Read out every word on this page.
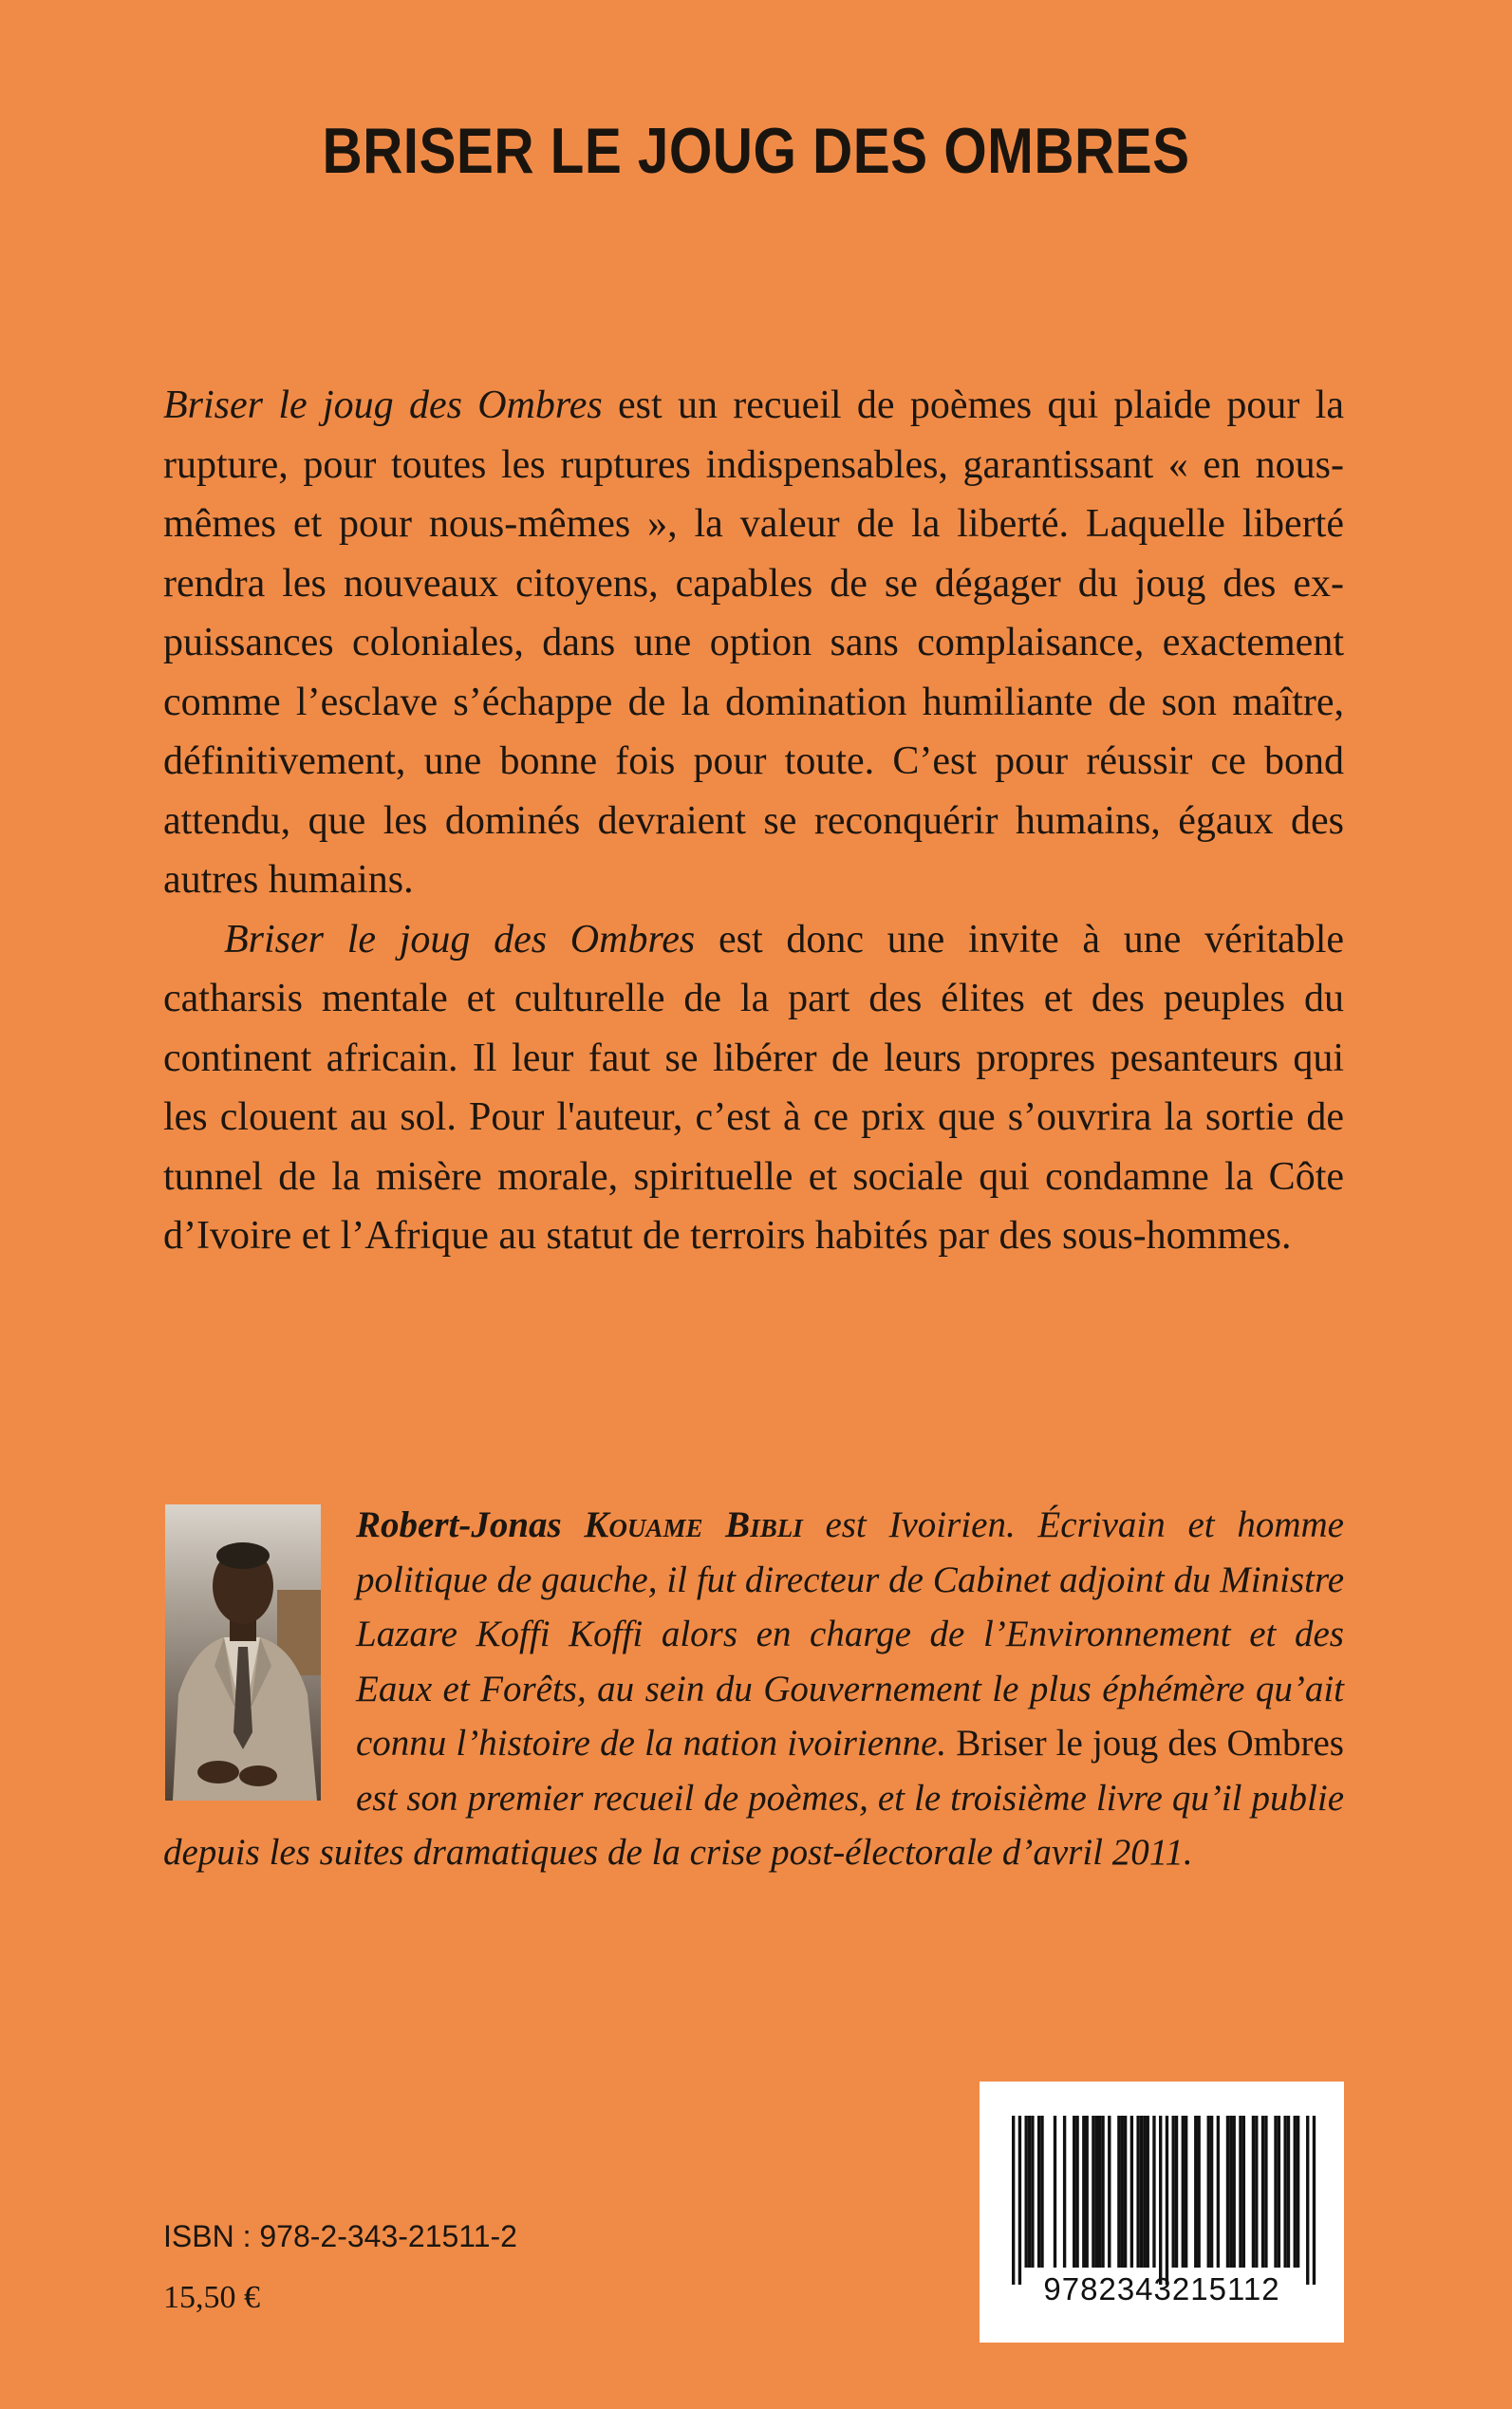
BRISER LE JOUG DES OMBRES

Briser le joug des Ombres est un recueil de poèmes qui plaide pour la rupture, pour toutes les ruptures indispensables, garantissant « en nous-mêmes et pour nous-mêmes », la valeur de la liberté. Laquelle liberté rendra les nouveaux citoyens, capables de se dégager du joug des ex-puissances coloniales, dans une option sans complaisance, exactement comme l’esclave s’échappe de la domination humiliante de son maître, définitivement, une bonne fois pour toute. C’est pour réussir ce bond attendu, que les dominés devraient se reconquérir humains, égaux des autres humains.

Briser le joug des Ombres est donc une invite à une véritable catharsis mentale et culturelle de la part des élites et des peuples du continent africain. Il leur faut se libérer de leurs propres pesanteurs qui les clouent au sol. Pour l'auteur, c’est à ce prix que s’ouvrira la sortie de tunnel de la misère morale, spirituelle et sociale qui condamne la Côte d’Ivoire et l’Afrique au statut de terroirs habités par des sous-hommes.

Robert-Jonas Kouame Bibli est Ivoirien. Écrivain et homme politique de gauche, il fut directeur de Cabinet adjoint du Ministre Lazare Koffi Koffi alors en charge de l’Environnement et des Eaux et Forêts, au sein du Gouvernement le plus éphémère qu’ait connu l’histoire de la nation ivoirienne. Briser le joug des Ombres est son premier recueil de poèmes, et le troisième livre qu’il publie depuis les suites dramatiques de la crise post-électorale d’avril 2011.
ISBN : 978-2-343-21511-2
15,50 €	9782343215112
